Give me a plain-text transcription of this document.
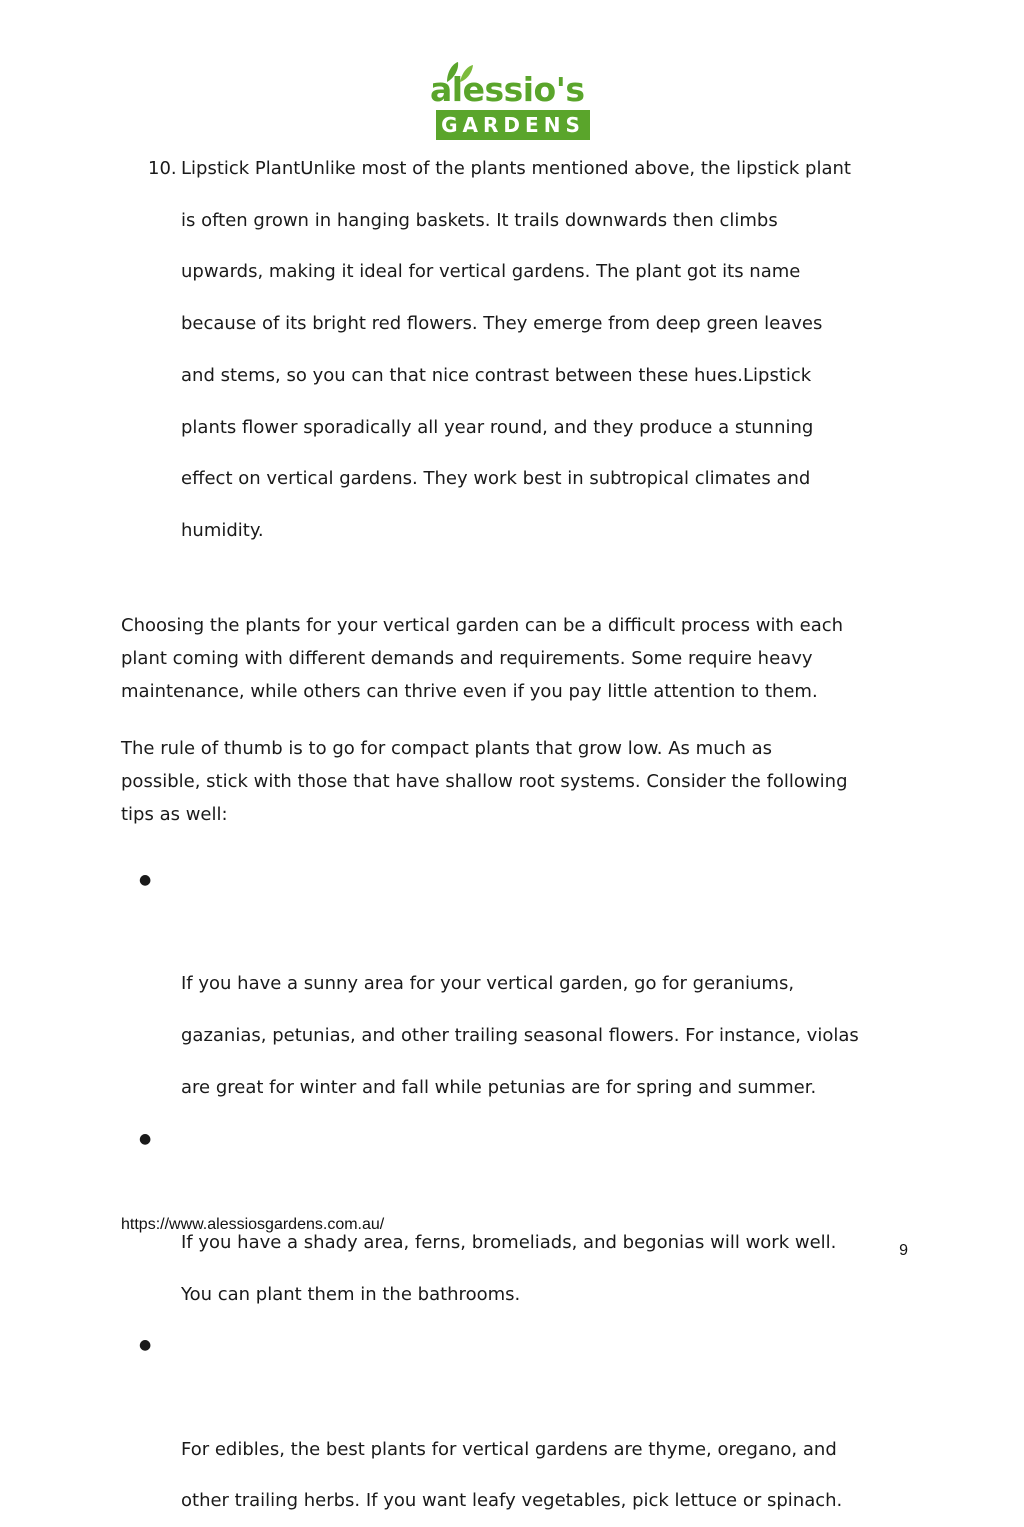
alessio's
GARDENS
10. Lipstick PlantUnlike most of the plants mentioned above, the lipstick plant
is often grown in hanging baskets. It trails downwards then climbs
upwards, making it ideal for vertical gardens. The plant got its name
because of its bright red flowers. They emerge from deep green leaves
and stems, so you can that nice contrast between these hues.Lipstick
plants flower sporadically all year round, and they produce a stunning
effect on vertical gardens. They work best in subtropical climates and
humidity.

Choosing the plants for your vertical garden can be a difficult process with each
plant coming with different demands and requirements. Some require heavy
maintenance, while others can thrive even if you pay little attention to them.

The rule of thumb is to go for compact plants that grow low. As much as
possible, stick with those that have shallow root systems. Consider the following
tips as well:

●

If you have a sunny area for your vertical garden, go for geraniums,
gazanias, petunias, and other trailing seasonal flowers. For instance, violas
are great for winter and fall while petunias are for spring and summer.

●

If you have a shady area, ferns, bromeliads, and begonias will work well.
You can plant them in the bathrooms.

●

For edibles, the best plants for vertical gardens are thyme, oregano, and
other trailing herbs. If you want leafy vegetables, pick lettuce or spinach.

https://www.alessiosgardens.com.au/
9
